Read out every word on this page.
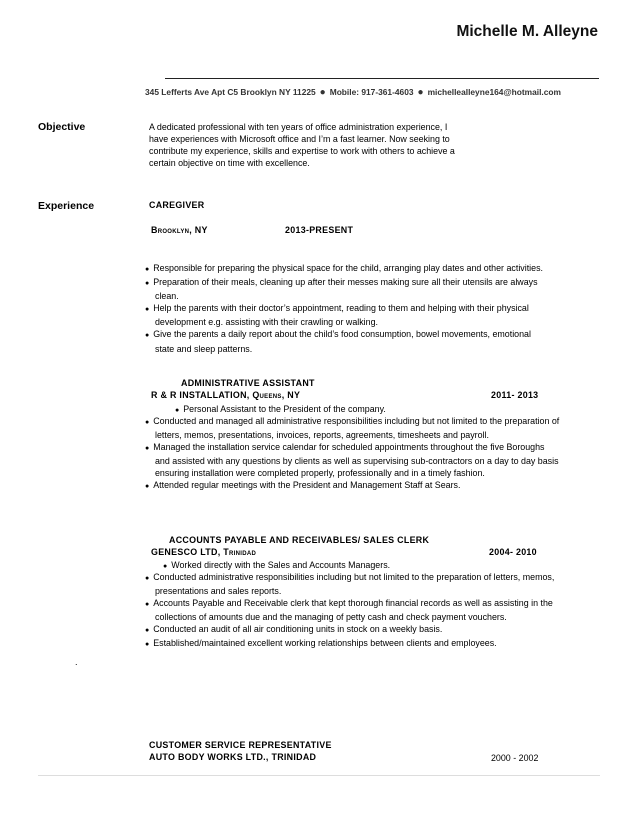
Michelle M. Alleyne
345 Lefferts Ave Apt C5 Brooklyn NY 11225 ● Mobile: 917-361-4603 ● michellealleyne164@hotmail.com
Objective	A dedicated professional with ten years of office administration experience, I
have experiences with Microsoft office and I’m a fast learner. Now seeking to
contribute my experience, skills and expertise to work with others to achieve a
certain objective on time with excellence.
Experience	CAREGIVER
Brooklyn, NY	2013-PRESENT
● Responsible for preparing the physical space for the child, arranging play dates and other activities.
● Preparation of their meals, cleaning up after their messes making sure all their utensils are always clean.
● Help the parents with their doctor’s appointment, reading to them and helping with their physical development e.g. assisting with their crawling or walking.
● Give the parents a daily report about the child’s food consumption, bowel movements, emotional state and sleep patterns.
ADMINISTRATIVE ASSISTANT
R & R INSTALLATION, Queens, NY	2011- 2013
● Personal Assistant to the President of the company.
● Conducted and managed all administrative responsibilities including but not limited to the preparation of letters, memos, presentations, invoices, reports, agreements, timesheets and payroll.
● Managed the installation service calendar for scheduled appointments throughout the five Boroughs and assisted with any questions by clients as well as supervising sub-contractors on a day to day basis ensuring installation were completed properly, professionally and in a timely fashion.
● Attended regular meetings with the President and Management Staff at Sears.
ACCOUNTS PAYABLE AND RECEIVABLES/ SALES CLERK
GENESCO LTD, Trinidad	2004- 2010
● Worked directly with the Sales and Accounts Managers.
● Conducted administrative responsibilities including but not limited to the preparation of letters, memos, presentations and sales reports.
● Accounts Payable and Receivable clerk that kept thorough financial records as well as assisting in the collections of amounts due and the managing of petty cash and check payment vouchers.
● Conducted an audit of all air conditioning units in stock on a weekly basis.
● Established/maintained excellent working relationships between clients and employees.
.
CUSTOMER SERVICE REPRESENTATIVE
AUTO BODY WORKS LTD., TRINIDAD	2000 - 2002
